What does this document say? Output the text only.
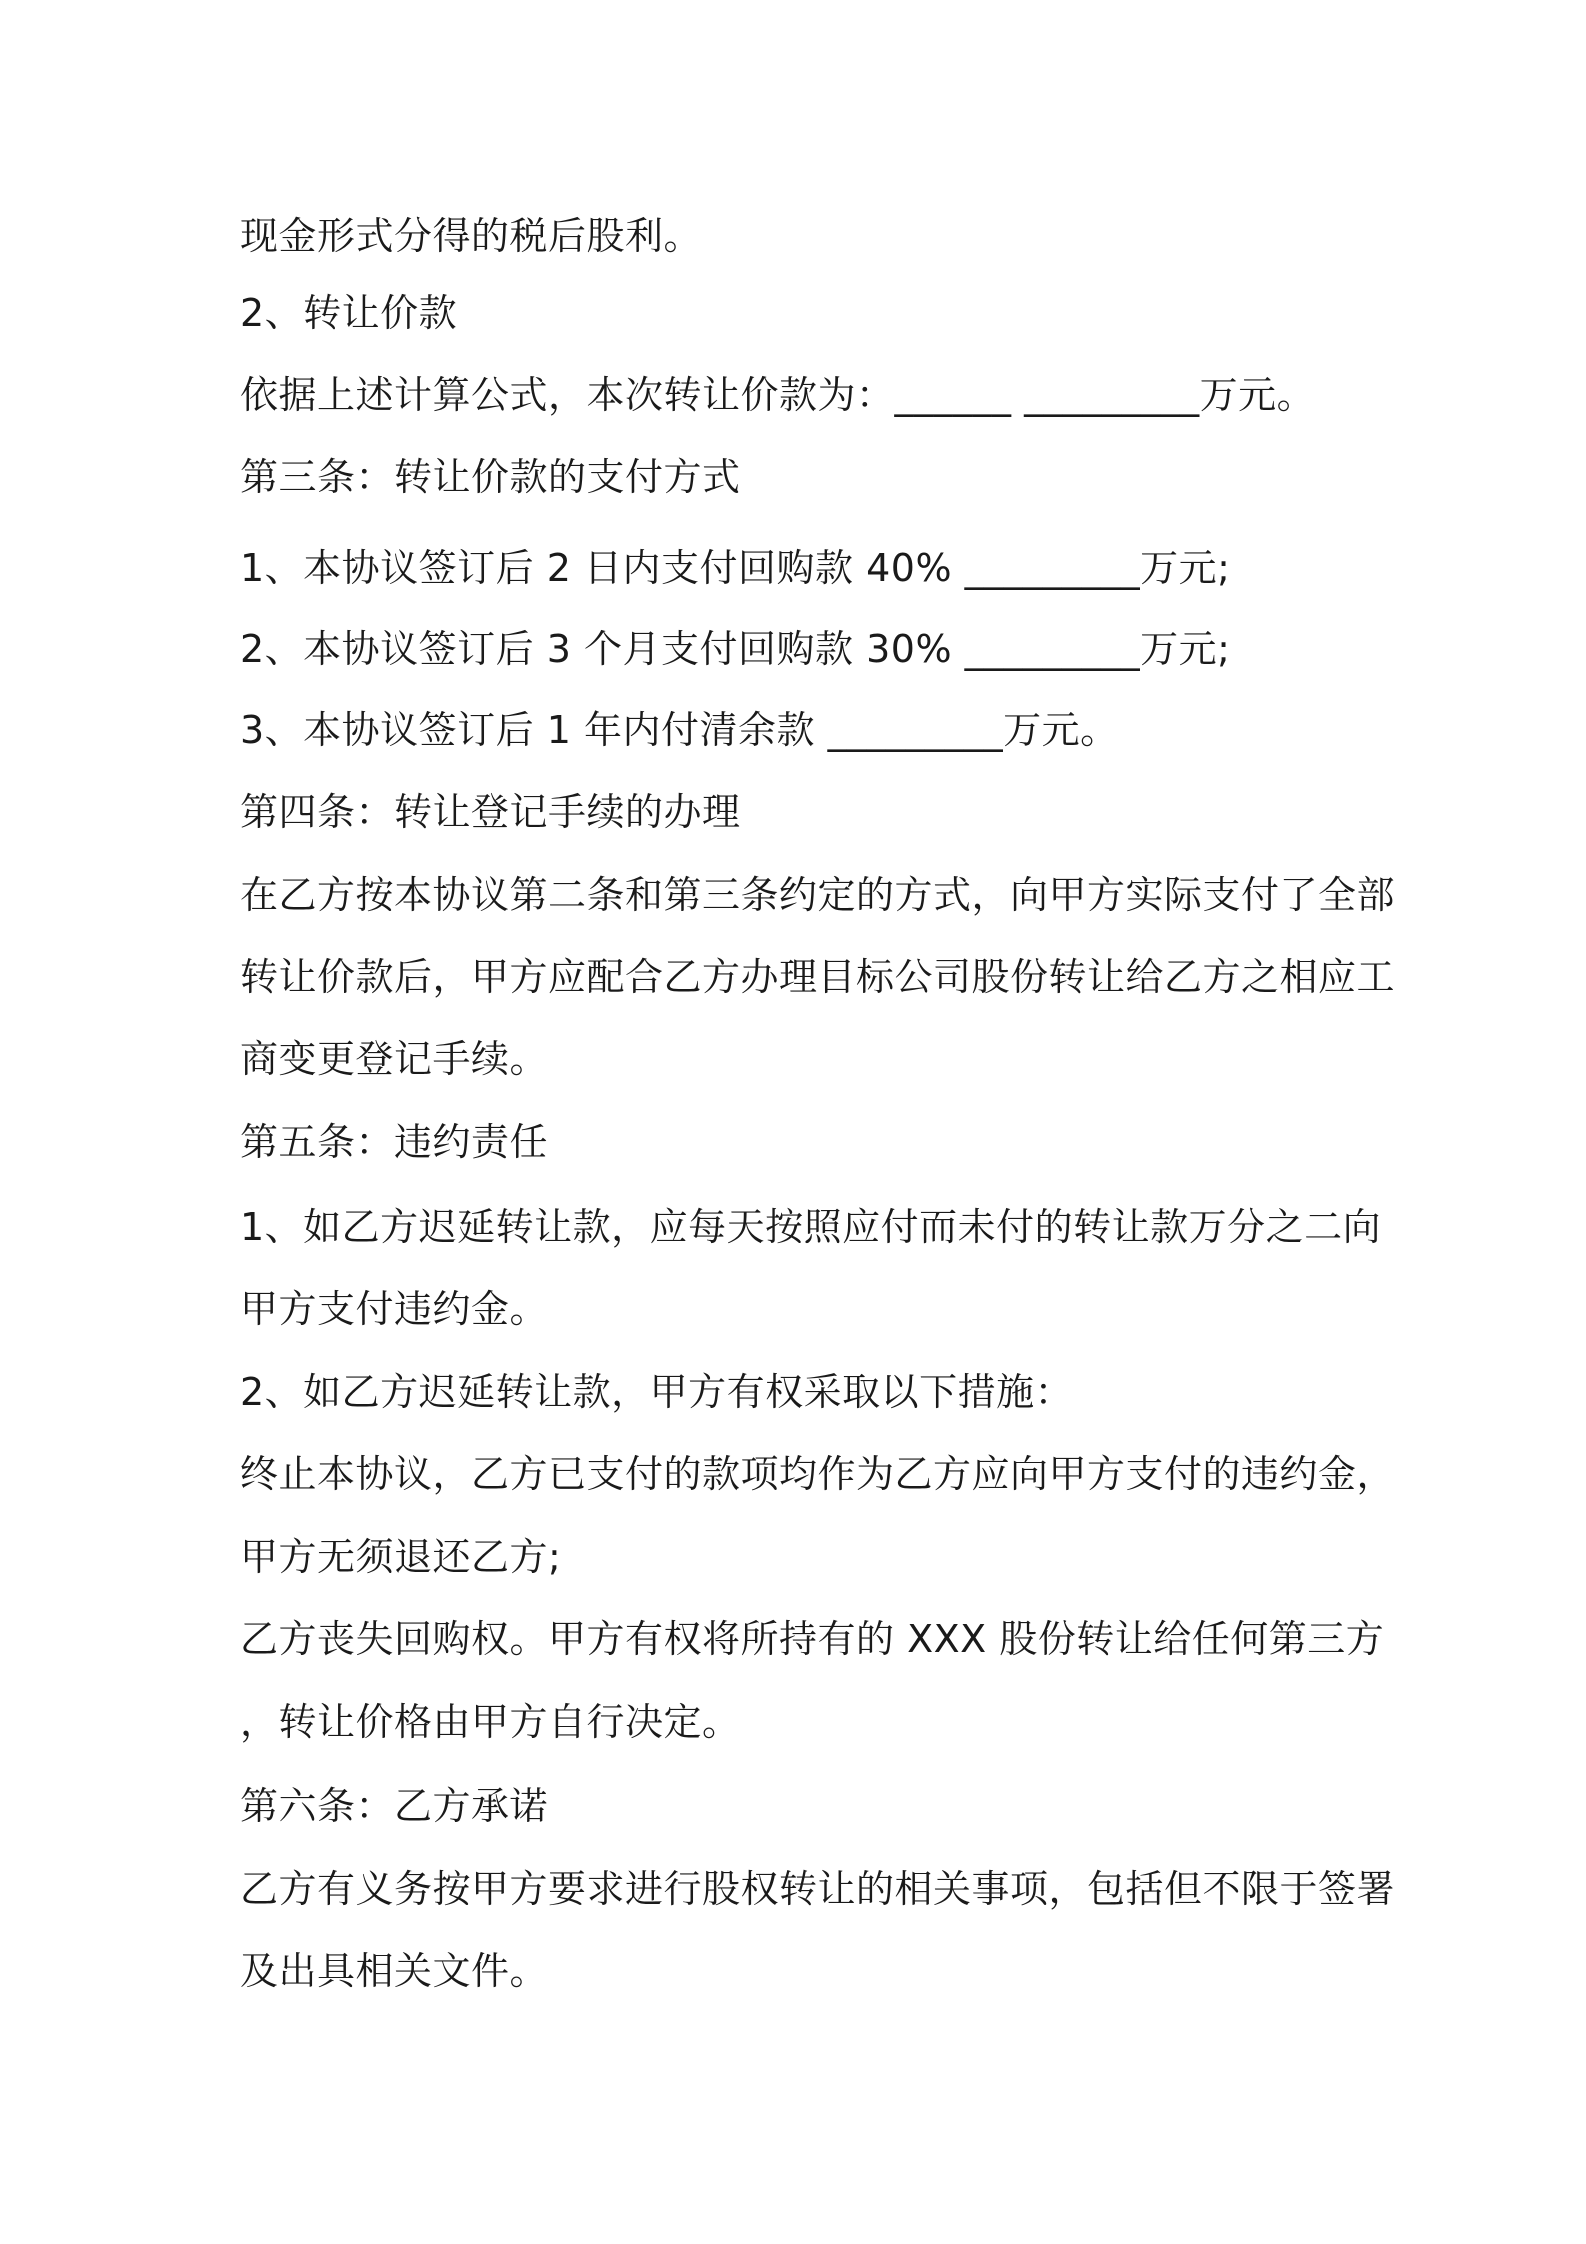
现金形式分得的税后股利。

2、转让价款

依据上述计算公式，本次转让价款为：______ _________万元。

第三条：转让价款的支付方式

1、本协议签订后 2 日内支付回购款 40% _________万元;

2、本协议签订后 3 个月支付回购款 30% _________万元;

3、本协议签订后 1 年内付清余款 _________万元。

第四条：转让登记手续的办理

在乙方按本协议第二条和第三条约定的方式，向甲方实际支付了全部

转让价款后，甲方应配合乙方办理目标公司股份转让给乙方之相应工

商变更登记手续。

第五条：违约责任

1、如乙方迟延转让款，应每天按照应付而未付的转让款万分之二向

甲方支付违约金。

2、如乙方迟延转让款，甲方有权采取以下措施：

终止本协议，乙方已支付的款项均作为乙方应向甲方支付的违约金，

甲方无须退还乙方;

乙方丧失回购权。甲方有权将所持有的 XXX 股份转让给任何第三方

，转让价格由甲方自行决定。

第六条：乙方承诺

乙方有义务按甲方要求进行股权转让的相关事项，包括但不限于签署

及出具相关文件。
